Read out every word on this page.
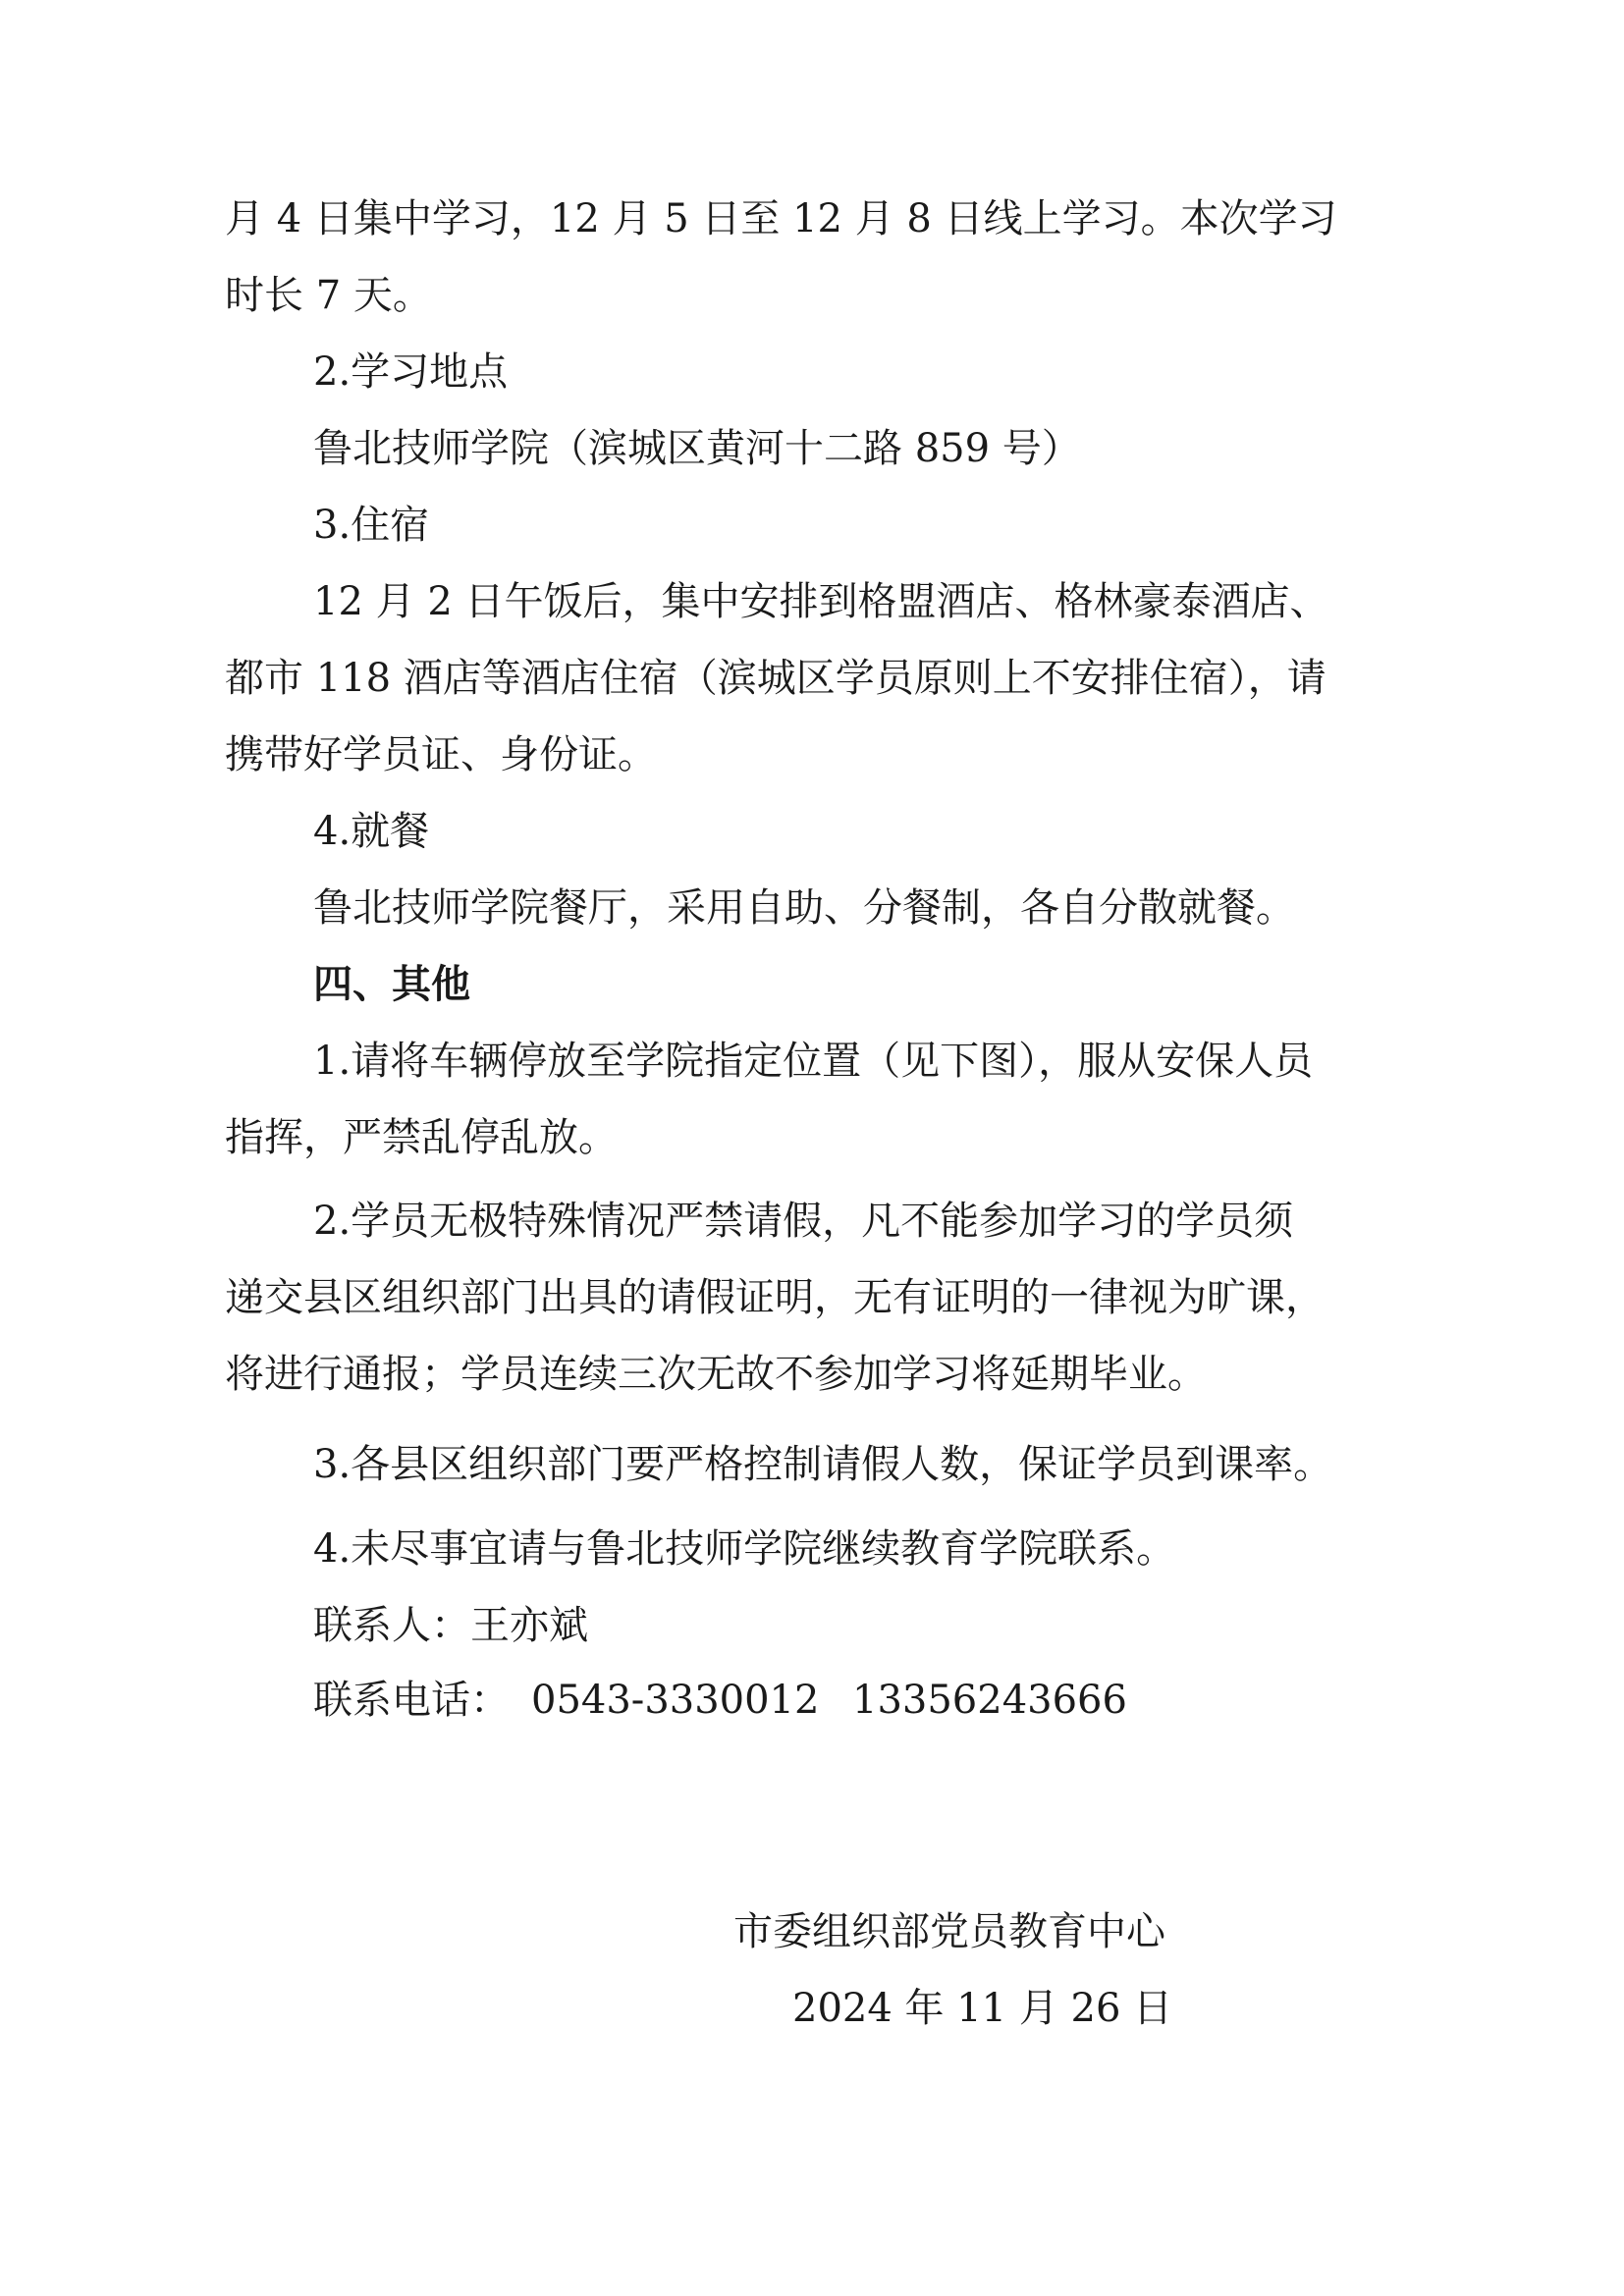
月 4 日集中学习，12 月 5 日至 12 月 8 日线上学习。本次学习
时长 7 天。
2.学习地点
鲁北技师学院（滨城区黄河十二路 859 号）
3.住宿
12 月 2 日午饭后，集中安排到格盟酒店、格林豪泰酒店、
都市 118 酒店等酒店住宿（滨城区学员原则上不安排住宿），请
携带好学员证、身份证。
4.就餐
鲁北技师学院餐厅，采用自助、分餐制，各自分散就餐。
四、其他
1.请将车辆停放至学院指定位置（见下图），服从安保人员
指挥，严禁乱停乱放。
2.学员无极特殊情况严禁请假，凡不能参加学习的学员须
递交县区组织部门出具的请假证明，无有证明的一律视为旷课，
将进行通报；学员连续三次无故不参加学习将延期毕业。
3.各县区组织部门要严格控制请假人数，保证学员到课率。
4.未尽事宜请与鲁北技师学院继续教育学院联系。
联系人：王亦斌
联系电话： 0543-3330012 13356243666
市委组织部党员教育中心
2024 年 11 月 26 日
